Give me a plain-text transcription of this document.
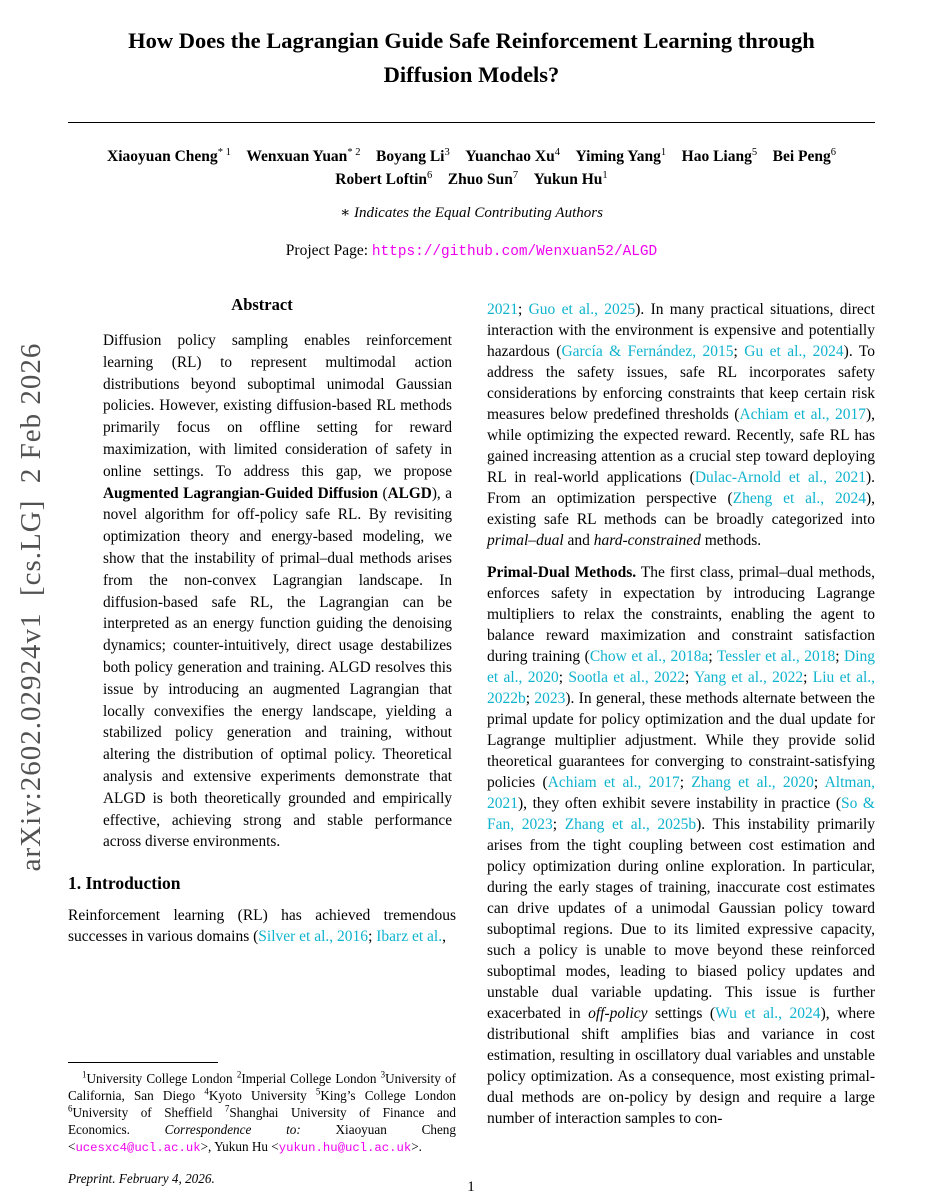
arXiv:2602.02924v1  [cs.LG]  2 Feb 2026
How Does the Lagrangian Guide Safe Reinforcement Learning through
Diffusion Models?
Xiaoyuan Cheng$^{* 1}$   Wenxuan Yuan$^{* 2}$   Boyang Li$^3$   Yuanchao Xu$^4$   Yiming Yang$^1$   Hao Liang$^5$   Bei Peng$^6$
Robert Loftin$^6$   Zhuo Sun$^7$   Yukun Hu$^1$
∗ Indicates the Equal Contributing Authors
Project Page: https://github.com/Wenxuan52/ALGD
Abstract

Diffusion policy sampling enables reinforcement learning (RL) to represent multimodal action distributions beyond suboptimal unimodal Gaussian policies. However, existing diffusion-based RL methods primarily focus on offline setting for reward maximization, with limited consideration of safety in online settings. To address this gap, we propose Augmented Lagrangian-Guided Diffusion (ALGD), a novel algorithm for off-policy safe RL. By revisiting optimization theory and energy-based modeling, we show that the instability of primal–dual methods arises from the non-convex Lagrangian landscape. In diffusion-based safe RL, the Lagrangian can be interpreted as an energy function guiding the denoising dynamics; counter-intuitively, direct usage destabilizes both policy generation and training. ALGD resolves this issue by introducing an augmented Lagrangian that locally convexifies the energy landscape, yielding a stabilized policy generation and training, without altering the distribution of optimal policy. Theoretical analysis and extensive experiments demonstrate that ALGD is both theoretically grounded and empirically effective, achieving strong and stable performance across diverse environments.

1. Introduction

Reinforcement learning (RL) has achieved tremendous successes in various domains (Silver et al., 2016; Ibarz et al.,

$^1$University College London $^2$Imperial College London $^3$University of California, San Diego $^4$Kyoto University $^5$King’s College London $^6$University of Sheffield $^7$Shanghai University of Finance and Economics. Correspondence to: Xiaoyuan Cheng <ucesxc4@ucl.ac.uk>, Yukun Hu <yukun.hu@ucl.ac.uk>.

Preprint. February 4, 2026.

2021; Guo et al., 2025). In many practical situations, direct interaction with the environment is expensive and potentially hazardous (García & Fernández, 2015; Gu et al., 2024). To address the safety issues, safe RL incorporates safety considerations by enforcing constraints that keep certain risk measures below predefined thresholds (Achiam et al., 2017), while optimizing the expected reward. Recently, safe RL has gained increasing attention as a crucial step toward deploying RL in real-world applications (Dulac-Arnold et al., 2021). From an optimization perspective (Zheng et al., 2024), existing safe RL methods can be broadly categorized into primal–dual and hard-constrained methods.

Primal-Dual Methods. The first class, primal–dual methods, enforces safety in expectation by introducing Lagrange multipliers to relax the constraints, enabling the agent to balance reward maximization and constraint satisfaction during training (Chow et al., 2018a; Tessler et al., 2018; Ding et al., 2020; Sootla et al., 2022; Yang et al., 2022; Liu et al., 2022b; 2023). In general, these methods alternate between the primal update for policy optimization and the dual update for Lagrange multiplier adjustment. While they provide solid theoretical guarantees for converging to constraint-satisfying policies (Achiam et al., 2017; Zhang et al., 2020; Altman, 2021), they often exhibit severe instability in practice (So & Fan, 2023; Zhang et al., 2025b). This instability primarily arises from the tight coupling between cost estimation and policy optimization during online exploration. In particular, during the early stages of training, inaccurate cost estimates can drive updates of a unimodal Gaussian policy toward suboptimal regions. Due to its limited expressive capacity, such a policy is unable to move beyond these reinforced suboptimal modes, leading to biased policy updates and unstable dual variable updating. This issue is further exacerbated in off-policy settings (Wu et al., 2024), where distributional shift amplifies bias and variance in cost estimation, resulting in oscillatory dual variables and unstable policy optimization. As a consequence, most existing primal-dual methods are on-policy by design and require a large number of interaction samples to con-

1
